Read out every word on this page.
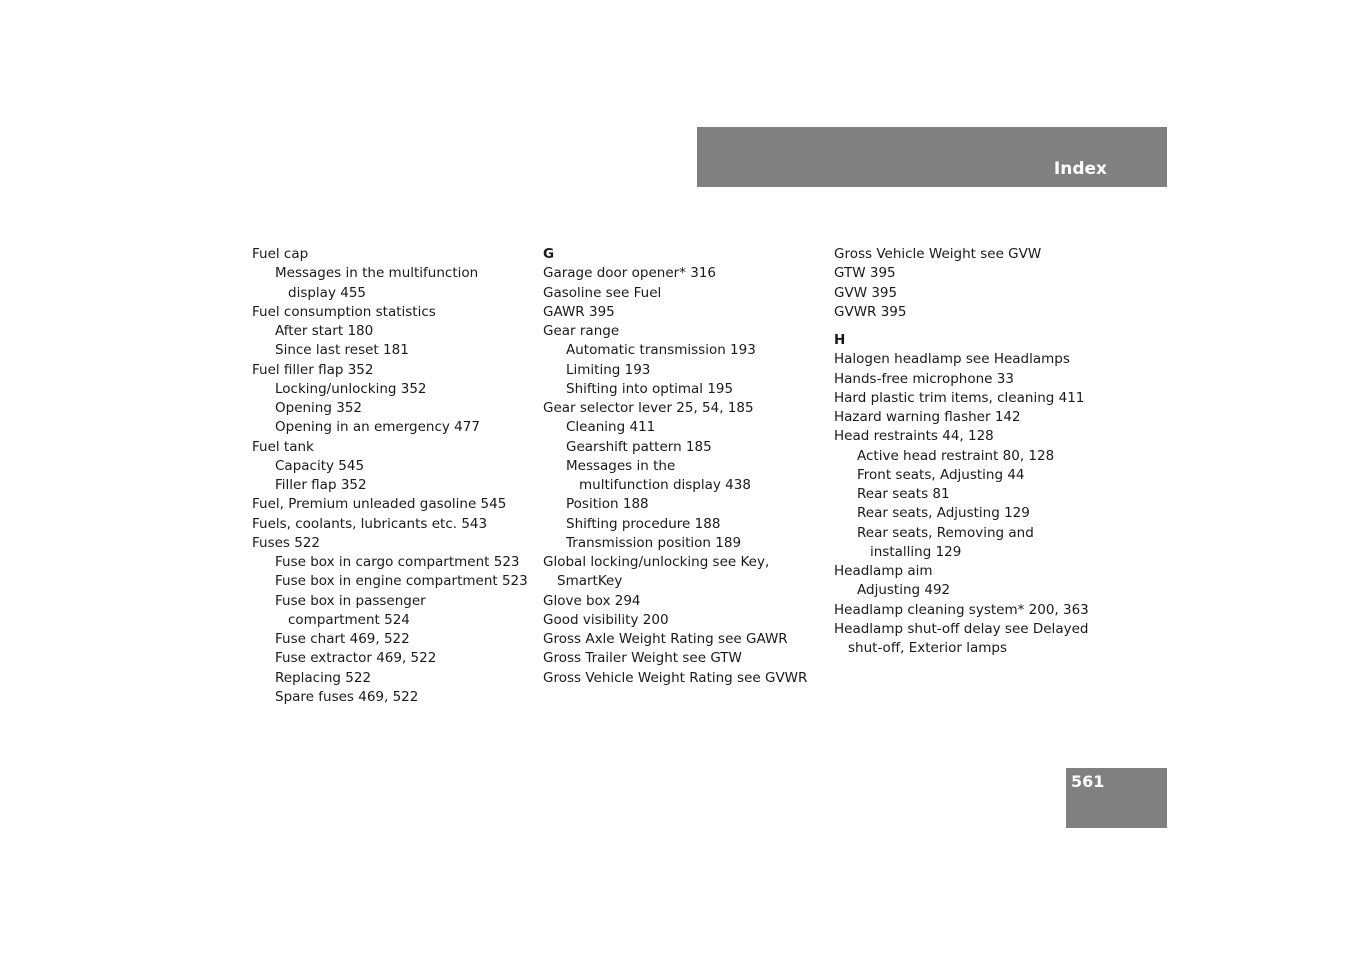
Index
Fuel cap
Messages in the multifunction
display 455
Fuel consumption statistics
After start 180
Since last reset 181
Fuel filler flap 352
Locking/unlocking 352
Opening 352
Opening in an emergency 477
Fuel tank
Capacity 545
Filler flap 352
Fuel, Premium unleaded gasoline 545
Fuels, coolants, lubricants etc. 543
Fuses 522
Fuse box in cargo compartment 523
Fuse box in engine compartment 523
Fuse box in passenger
compartment 524
Fuse chart 469, 522
Fuse extractor 469, 522
Replacing 522
Spare fuses 469, 522
G
Garage door opener* 316
Gasoline see Fuel
GAWR 395
Gear range
Automatic transmission 193
Limiting 193
Shifting into optimal 195
Gear selector lever 25, 54, 185
Cleaning 411
Gearshift pattern 185
Messages in the
multifunction display 438
Position 188
Shifting procedure 188
Transmission position 189
Global locking/unlocking see Key,
SmartKey
Glove box 294
Good visibility 200
Gross Axle Weight Rating see GAWR
Gross Trailer Weight see GTW
Gross Vehicle Weight Rating see GVWR
Gross Vehicle Weight see GVW
GTW 395
GVW 395
GVWR 395
H
Halogen headlamp see Headlamps
Hands-free microphone 33
Hard plastic trim items, cleaning 411
Hazard warning flasher 142
Head restraints 44, 128
Active head restraint 80, 128
Front seats, Adjusting 44
Rear seats 81
Rear seats, Adjusting 129
Rear seats, Removing and
installing 129
Headlamp aim
Adjusting 492
Headlamp cleaning system* 200, 363
Headlamp shut-off delay see Delayed
shut-off, Exterior lamps
561
